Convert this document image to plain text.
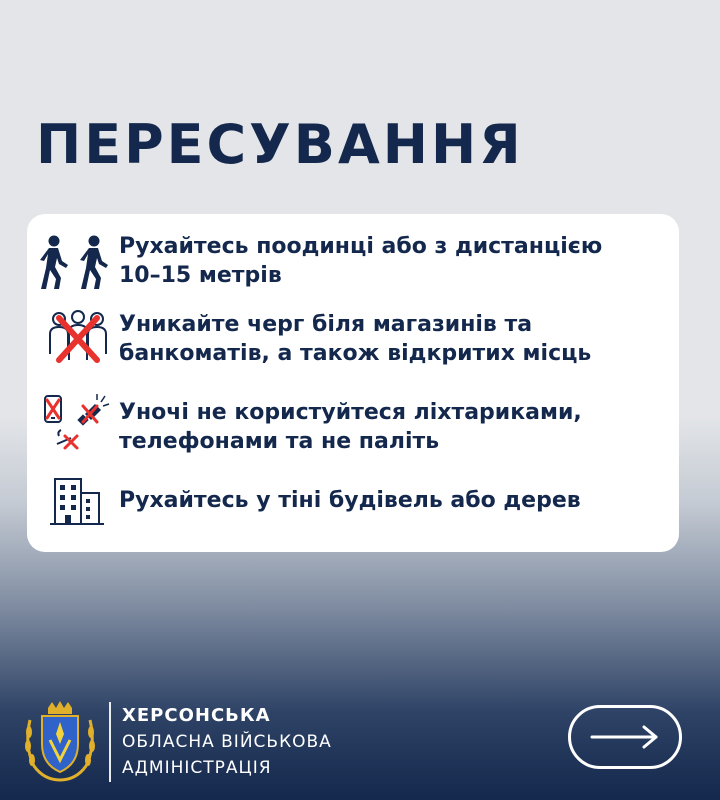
ПЕРЕСУВАННЯ

Рухайтесь поодинці або з дистанцією
10–15 метрів

Уникайте черг біля магазинів та
банкоматів, а також відкритих місць

Уночі не користуйтеся ліхтариками,
телефонами та не паліть

Рухайтесь у тіні будівель або дерев

ХЕРСОНСЬКА
ОБЛАСНА ВІЙСЬКОВА
АДМІНІСТРАЦІЯ
